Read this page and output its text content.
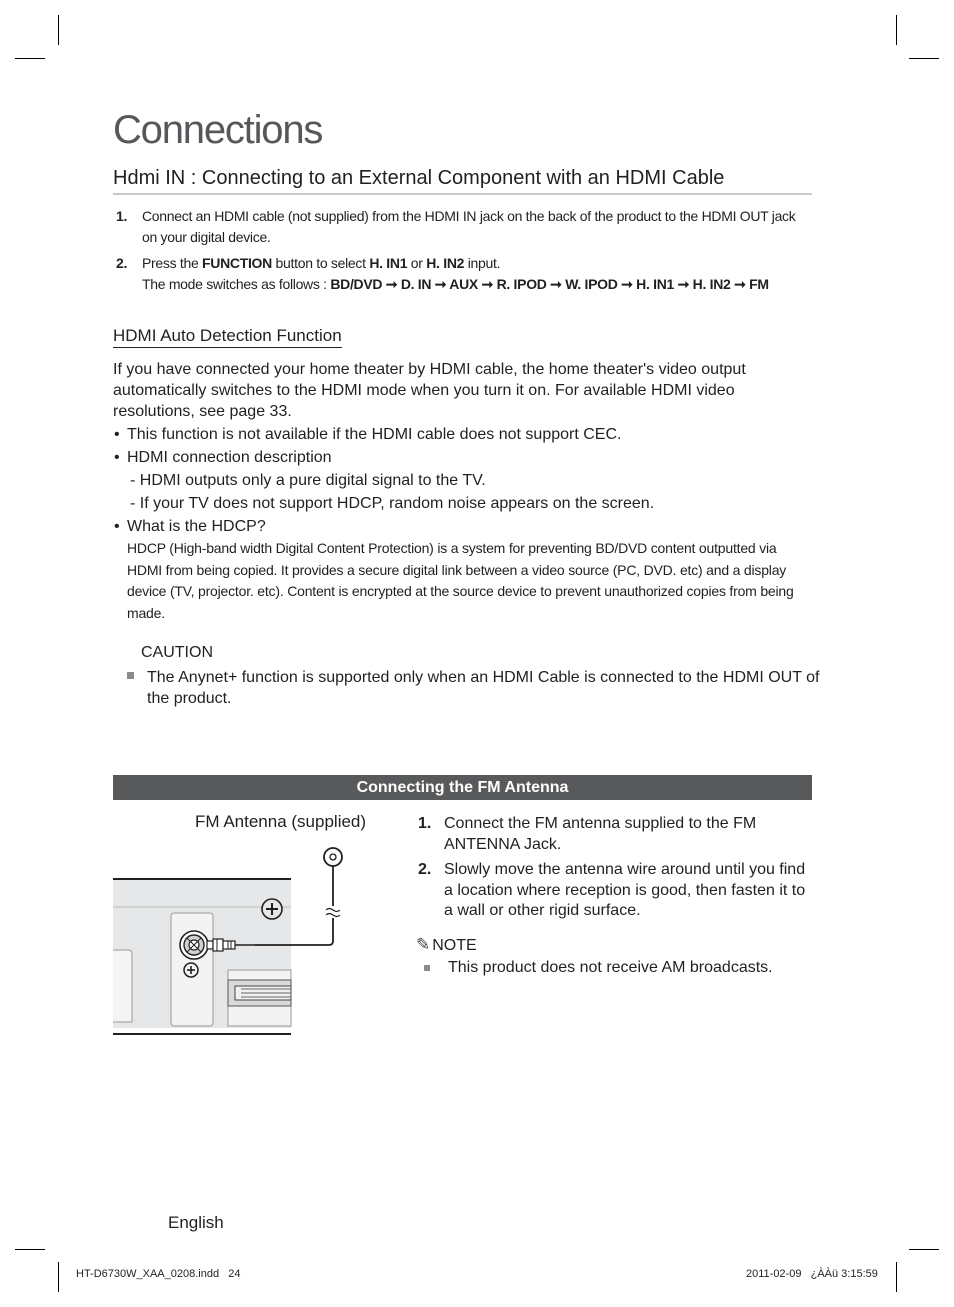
Connections
Hdmi IN : Connecting to an External Component with an HDMI Cable
1. Connect an HDMI cable (not supplied) from the HDMI IN jack on the back of the product to the HDMI OUT jack on your digital device.
2. Press the FUNCTION button to select H. IN1 or H. IN2 input.
The mode switches as follows : BD/DVD ➞ D. IN ➞ AUX ➞ R. IPOD ➞ W. IPOD ➞ H. IN1 ➞ H. IN2 ➞ FM
HDMI Auto Detection Function

If you have connected your home theater by HDMI cable, the home theater's video output automatically switches to the HDMI mode when you turn it on. For available HDMI video resolutions, see page 33.

• This function is not available if the HDMI cable does not support CEC.
• HDMI connection description
- HDMI outputs only a pure digital signal to the TV.
- If your TV does not support HDCP, random noise appears on the screen.
• What is the HDCP?
HDCP (High-band width Digital Content Protection) is a system for preventing BD/DVD content outputted via HDMI from being copied. It provides a secure digital link between a video source (PC, DVD. etc) and a display device (TV, projector. etc). Content is encrypted at the source device to prevent unauthorized copies from being made.
CAUTION
The Anynet+ function is supported only when an HDMI Cable is connected to the HDMI OUT of the product.
Connecting the FM Antenna
FM Antenna (supplied)	1. Connect the FM antenna supplied to the FM ANTENNA Jack.
2. Slowly move the antenna wire around until you find a location where reception is good, then fasten it to a wall or other rigid surface.
✎ NOTE
This product does not receive AM broadcasts.
English
HT-D6730W_XAA_0208.indd   24	2011-02-09   ¿ÀÀü 3:15:59
